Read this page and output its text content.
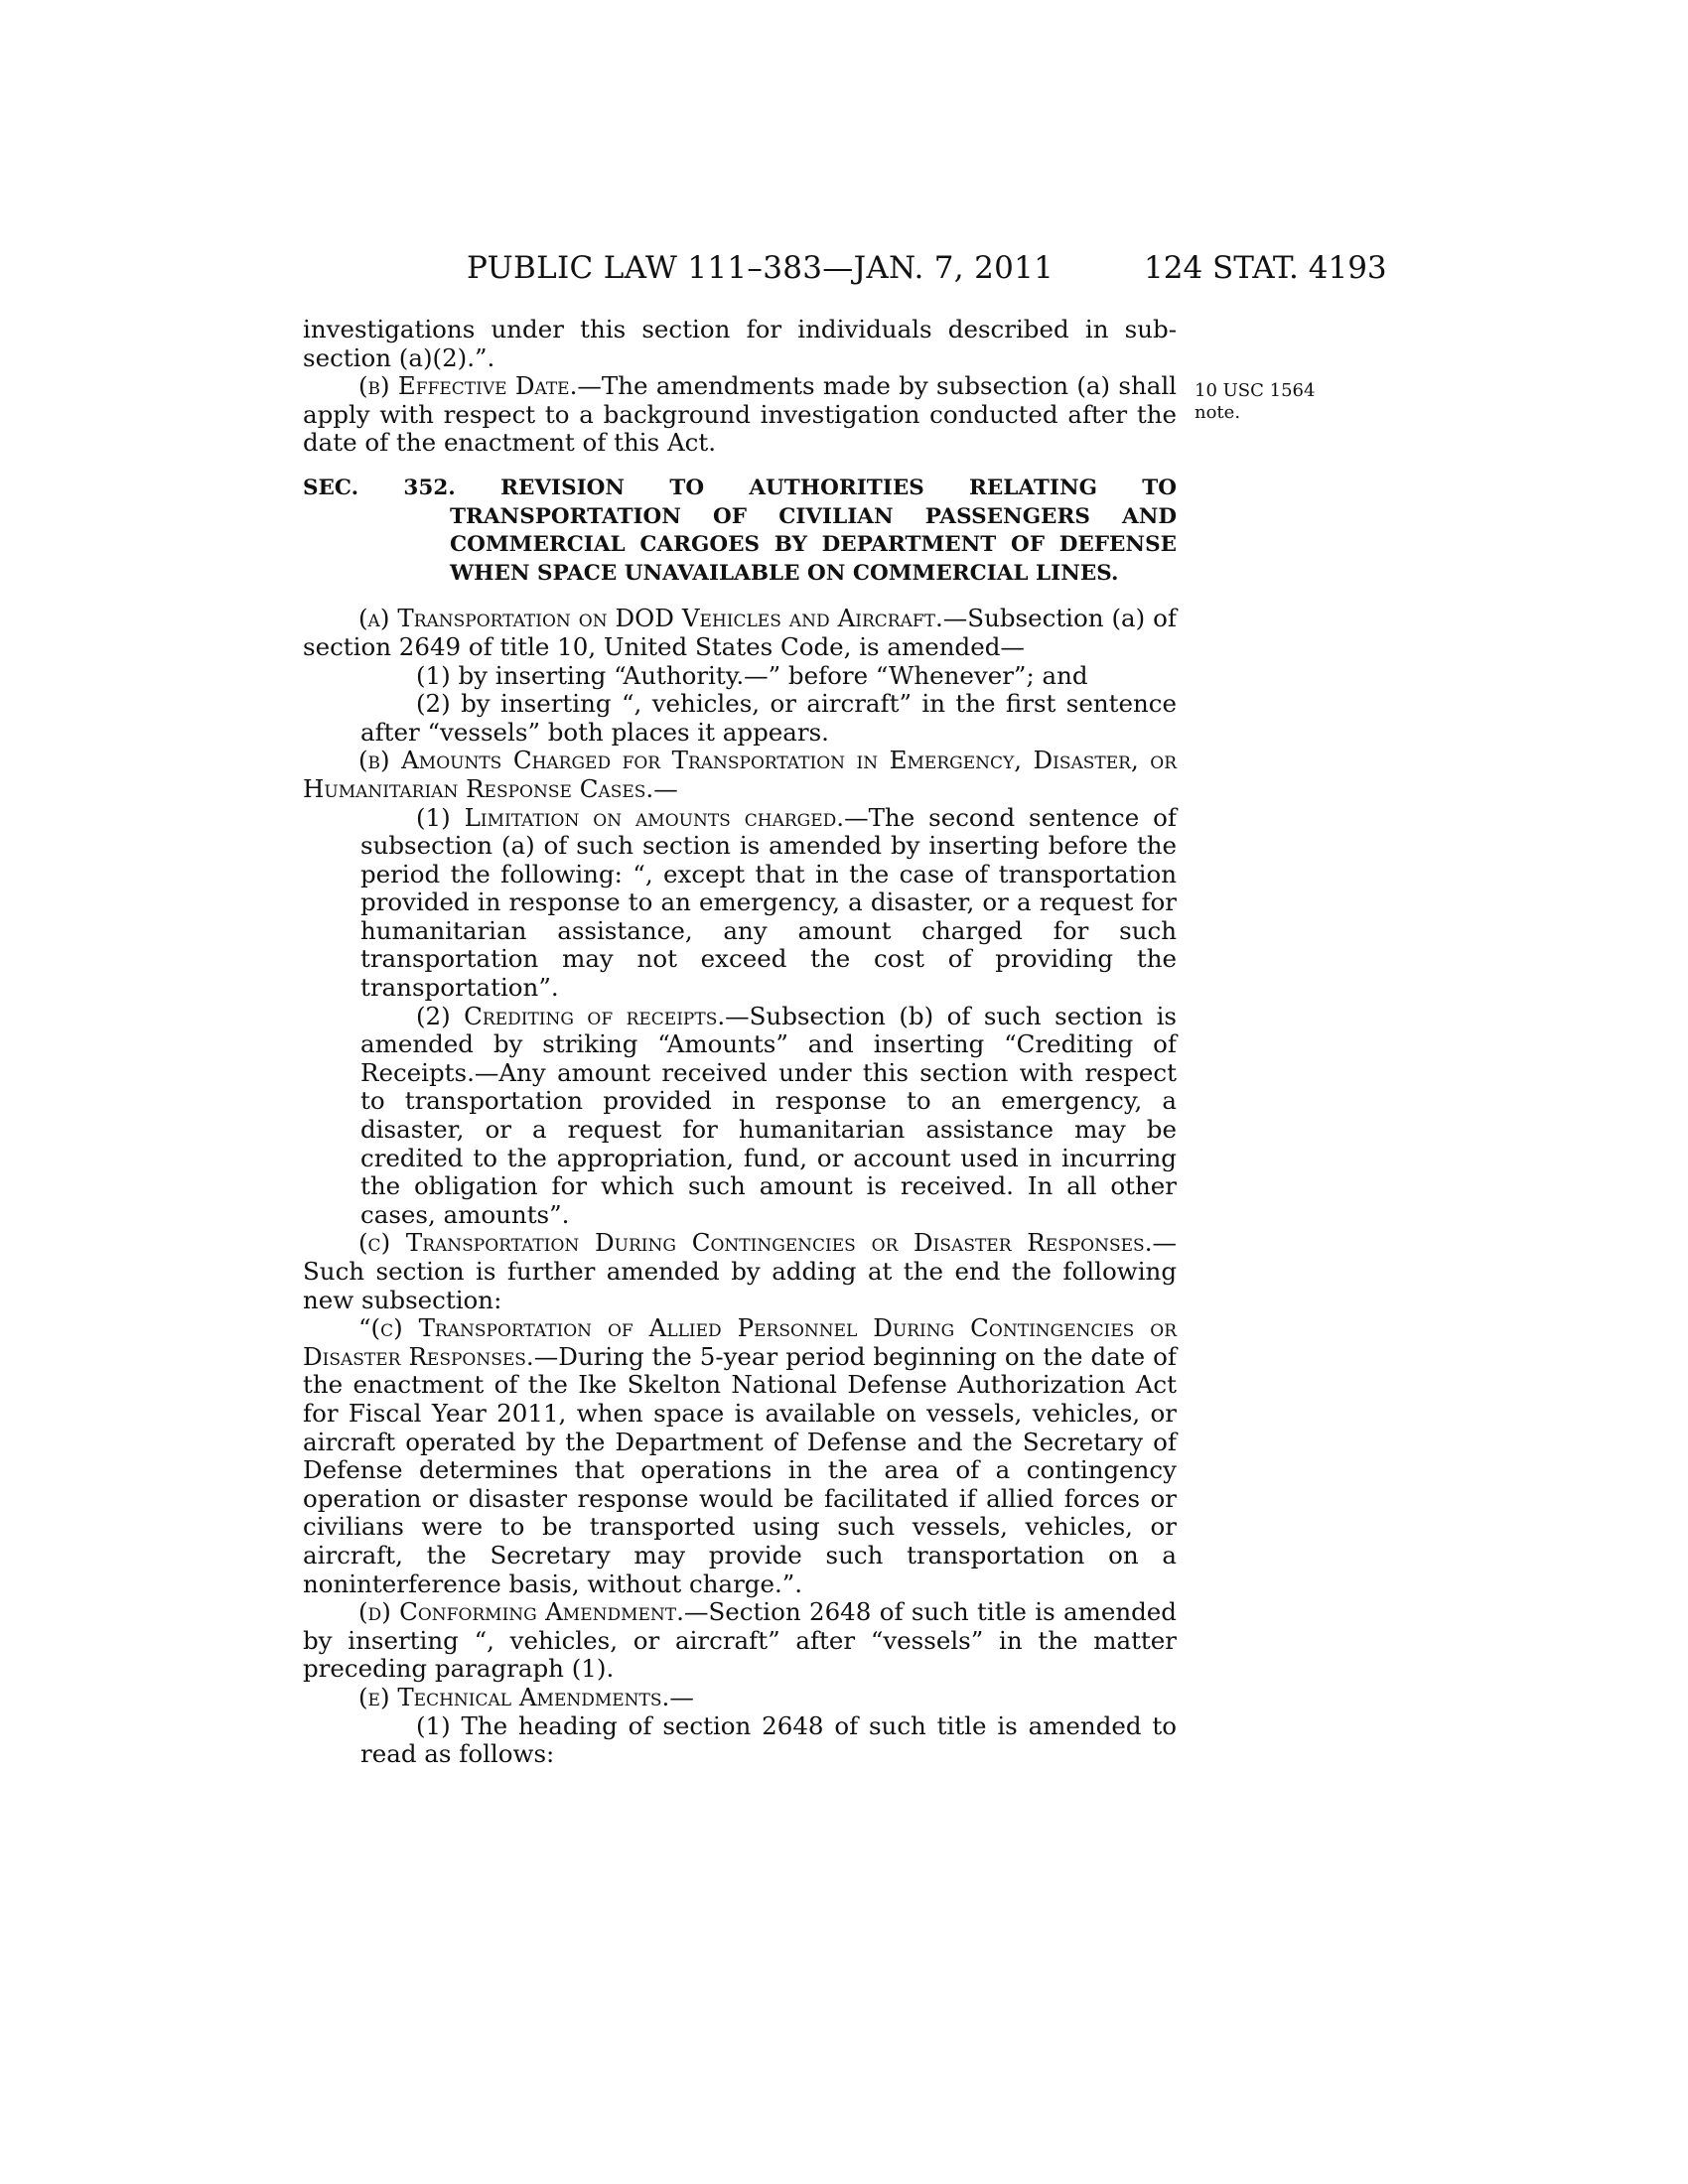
PUBLIC LAW 111–383—JAN. 7, 2011	124 STAT. 4193
10 USC 1564
note.

investigations under this section for individuals described in subsection (a)(2).”.

(b) Effective Date.—The amendments made by subsection (a) shall apply with respect to a background investigation conducted after the date of the enactment of this Act.

SEC. 352. REVISION TO AUTHORITIES RELATING TO TRANSPORTATION OF CIVILIAN PASSENGERS AND COMMERCIAL CARGOES BY DEPARTMENT OF DEFENSE WHEN SPACE UNAVAILABLE ON COMMERCIAL LINES.

(a) Transportation on DOD Vehicles and Aircraft.—Subsection (a) of section 2649 of title 10, United States Code, is amended—

(1) by inserting “Authority.—” before “Whenever”; and

(2) by inserting “, vehicles, or aircraft” in the first sentence after “vessels” both places it appears.

(b) Amounts Charged for Transportation in Emergency, Disaster, or Humanitarian Response Cases.—

(1) Limitation on amounts charged.—The second sentence of subsection (a) of such section is amended by inserting before the period the following: “, except that in the case of transportation provided in response to an emergency, a disaster, or a request for humanitarian assistance, any amount charged for such transportation may not exceed the cost of providing the transportation”.

(2) Crediting of receipts.—Subsection (b) of such section is amended by striking “Amounts” and inserting “Crediting of Receipts.—Any amount received under this section with respect to transportation provided in response to an emergency, a disaster, or a request for humanitarian assistance may be credited to the appropriation, fund, or account used in incurring the obligation for which such amount is received. In all other cases, amounts”.

(c) Transportation During Contingencies or Disaster Responses.—Such section is further amended by adding at the end the following new subsection:

“(c) Transportation of Allied Personnel During Contingencies or Disaster Responses.—During the 5-year period beginning on the date of the enactment of the Ike Skelton National Defense Authorization Act for Fiscal Year 2011, when space is available on vessels, vehicles, or aircraft operated by the Department of Defense and the Secretary of Defense determines that operations in the area of a contingency operation or disaster response would be facilitated if allied forces or civilians were to be transported using such vessels, vehicles, or aircraft, the Secretary may provide such transportation on a noninterference basis, without charge.”.

(d) Conforming Amendment.—Section 2648 of such title is amended by inserting “, vehicles, or aircraft” after “vessels” in the matter preceding paragraph (1).

(e) Technical Amendments.—

(1) The heading of section 2648 of such title is amended to read as follows:
